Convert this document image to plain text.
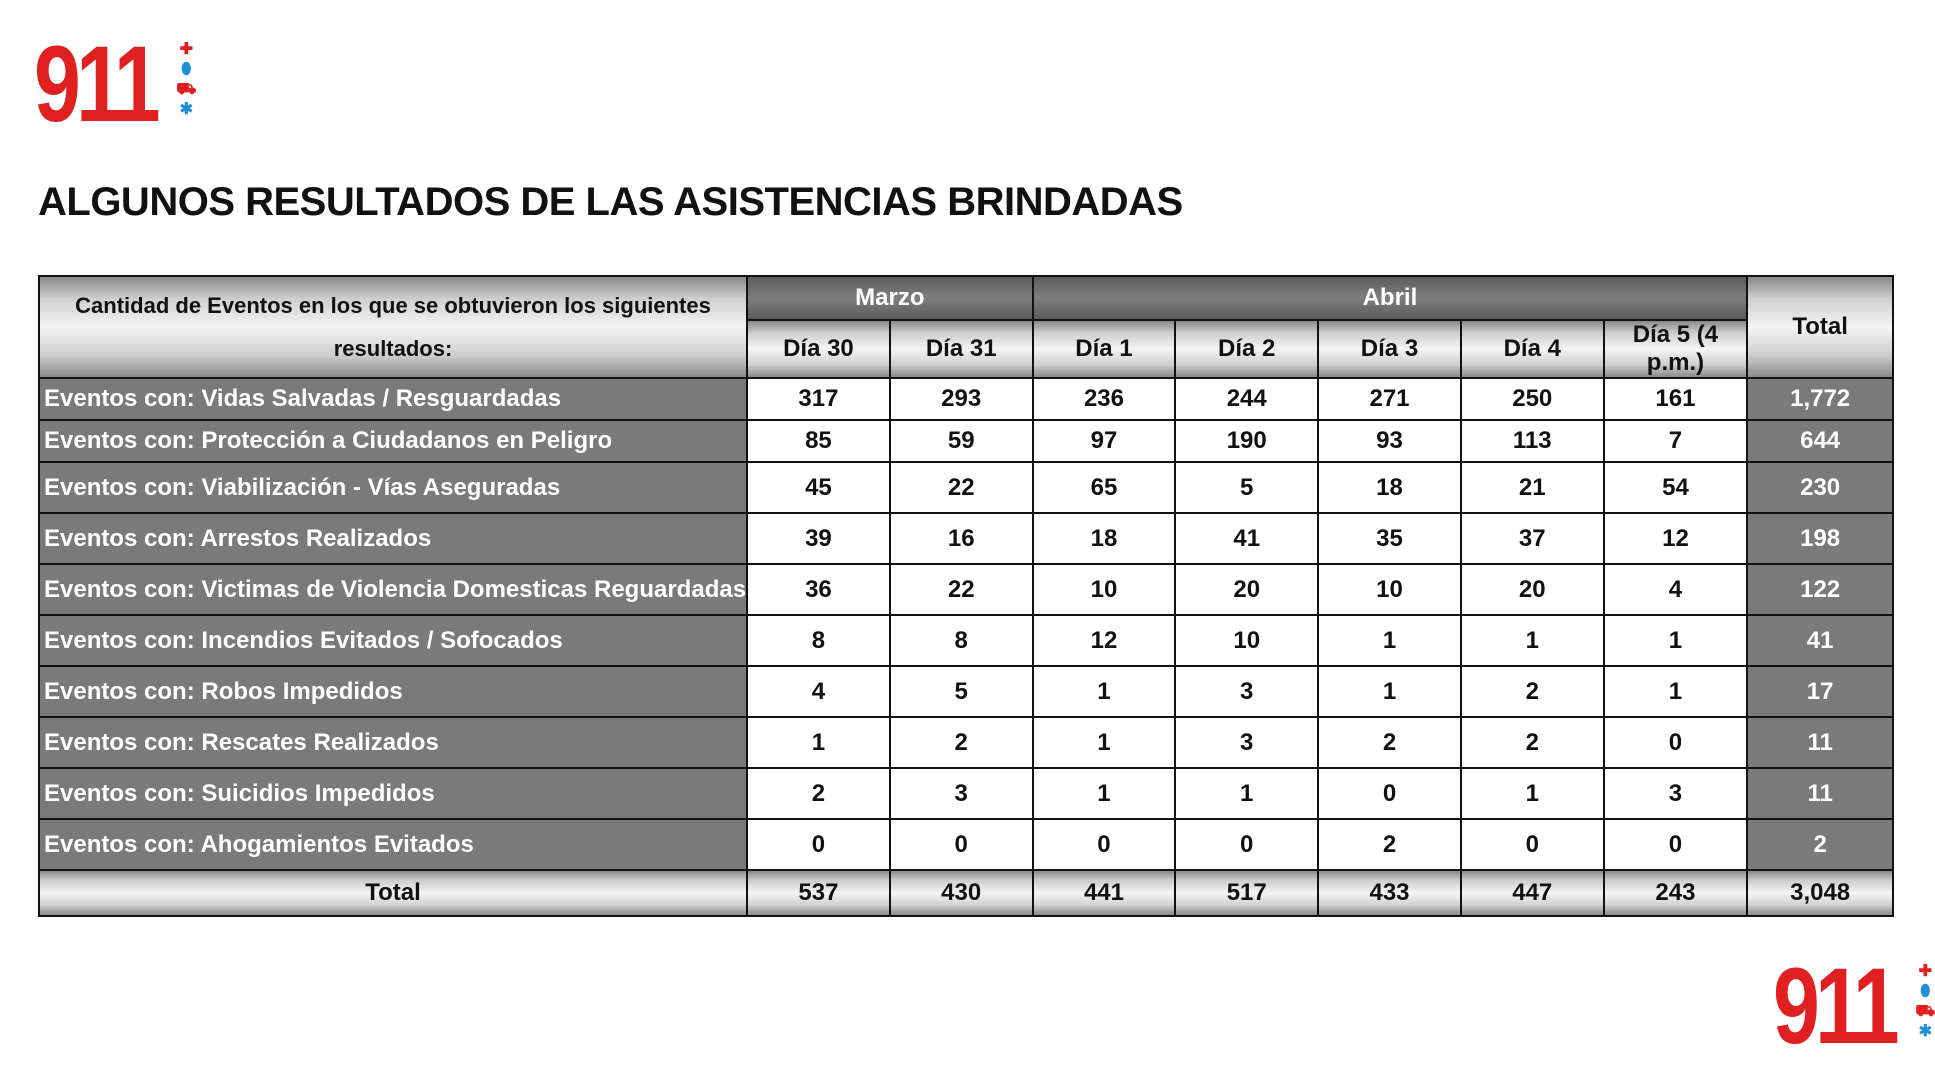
911 ✚
⬮
⛟
✱
ALGUNOS RESULTADOS DE LAS ASISTENCIAS BRINDADAS
Cantidad de Eventos en los que se obtuvieron los siguientes resultados:	Marzo		Abril					Total
	Día 30	Día 31	Día 1	Día 2	Día 3	Día 4	Día 5 (4 p.m.)	
Eventos con: Vidas Salvadas / Resguardadas	317	293	236	244	271	250	161	1,772
Eventos con: Protección a Ciudadanos en Peligro	85	59	97	190	93	113	7	644
Eventos con: Viabilización - Vías Aseguradas	45	22	65	5	18	21	54	230
Eventos con: Arrestos Realizados	39	16	18	41	35	37	12	198
Eventos con: Victimas de Violencia Domesticas Reguardadas	36	22	10	20	10	20	4	122
Eventos con: Incendios Evitados / Sofocados	8	8	12	10	1	1	1	41
Eventos con: Robos Impedidos	4	5	1	3	1	2	1	17
Eventos con: Rescates Realizados	1	2	1	3	2	2	0	11
Eventos con: Suicidios Impedidos	2	3	1	1	0	1	3	11
Eventos con: Ahogamientos Evitados	0	0	0	0	2	0	0	2
Total	537	430	441	517	433	447	243	3,048
911 ✚
⬮
⛟
✱
